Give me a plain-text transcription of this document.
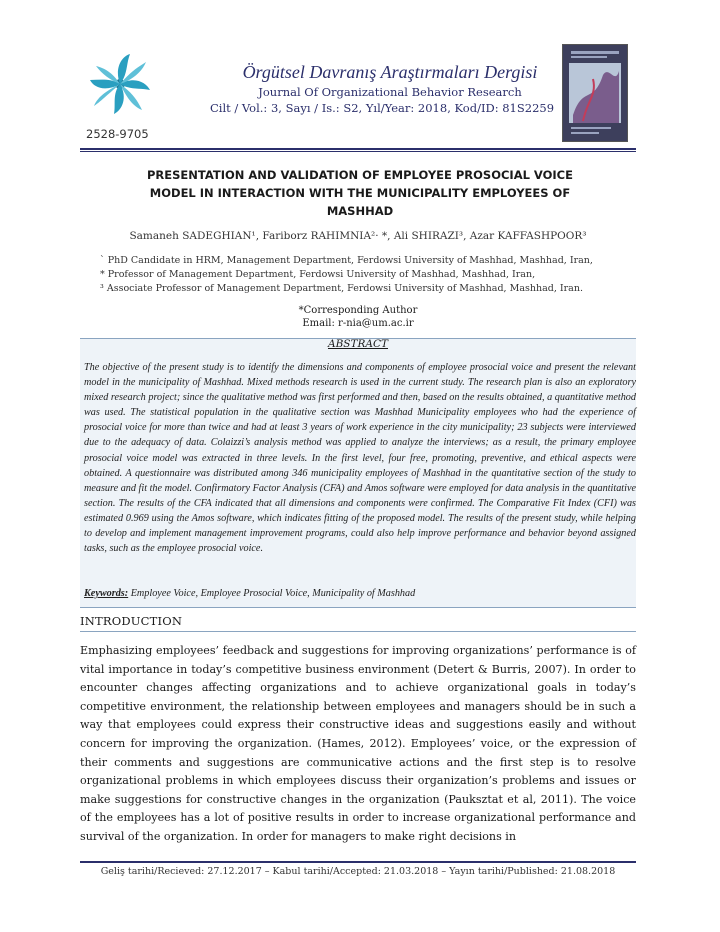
2528-9705
Örgütsel Davranış Araştırmaları Dergisi
Journal Of Organizational Behavior Research
Cilt / Vol.: 3, Sayı / Is.: S2, Yıl/Year: 2018, Kod/ID: 81S2259
PRESENTATION AND VALIDATION OF EMPLOYEE PROSOCIAL VOICE
MODEL IN INTERACTION WITH THE MUNICIPALITY EMPLOYEES OF
MASHHAD
Samaneh SADEGHIAN¹, Fariborz RAHIMNIA²· *, Ali SHIRAZI³, Azar KAFFASHPOOR³
` PhD Candidate in HRM, Management Department, Ferdowsi University of Mashhad, Mashhad, Iran,
* Professor of Management Department, Ferdowsi University of Mashhad, Mashhad, Iran,
³ Associate Professor of Management Department, Ferdowsi University of Mashhad, Mashhad, Iran.
*Corresponding Author
Email: r-nia@um.ac.ir
ABSTRACT
The objective of the present study is to identify the dimensions and components of employee prosocial voice and present the relevant model in the municipality of Mashhad. Mixed methods research is used in the current study. The research plan is also an exploratory mixed research project; since the qualitative method was first performed and then, based on the results obtained, a quantitative method was used. The statistical population in the qualitative section was Mashhad Municipality employees who had the experience of prosocial voice for more than twice and had at least 3 years of work experience in the city municipality; 23 subjects were interviewed due to the adequacy of data. Colaizzi’s analysis method was applied to analyze the interviews; as a result, the primary employee prosocial voice model was extracted in three levels. In the first level, four free, promoting, preventive, and ethical aspects were obtained. A questionnaire was distributed among 346 municipality employees of Mashhad in the quantitative section of the study to measure and fit the model. Confirmatory Factor Analysis (CFA) and Amos software were employed for data analysis in the quantitative section. The results of the CFA indicated that all dimensions and components were confirmed. The Comparative Fit Index (CFI) was estimated 0.969 using the Amos software, which indicates fitting of the proposed model. The results of the present study, while helping to develop and implement management improvement programs, could also help improve performance and behavior beyond assigned tasks, such as the employee prosocial voice.
Keywords: Employee Voice, Employee Prosocial Voice, Municipality of Mashhad
INTRODUCTION
Emphasizing employees’ feedback and suggestions for improving organizations’ performance is of vital importance in today’s competitive business environment (Detert & Burris, 2007). In order to encounter changes affecting organizations and to achieve organizational goals in today’s competitive environment, the relationship between employees and managers should be in such a way that employees could express their constructive ideas and suggestions easily and without concern for improving the organization. (Hames, 2012). Employees’ voice, or the expression of their comments and suggestions are communicative actions and the first step is to resolve organizational problems in which employees discuss their organization’s problems and issues or make suggestions for constructive changes in the organization (Pauksztat et al, 2011). The voice of the employees has a lot of positive results in order to increase organizational performance and survival of the organization. In order for managers to make right decisions in
Geliş tarihi/Recieved: 27.12.2017 – Kabul tarihi/Accepted: 21.03.2018 – Yayın tarihi/Published: 21.08.2018
